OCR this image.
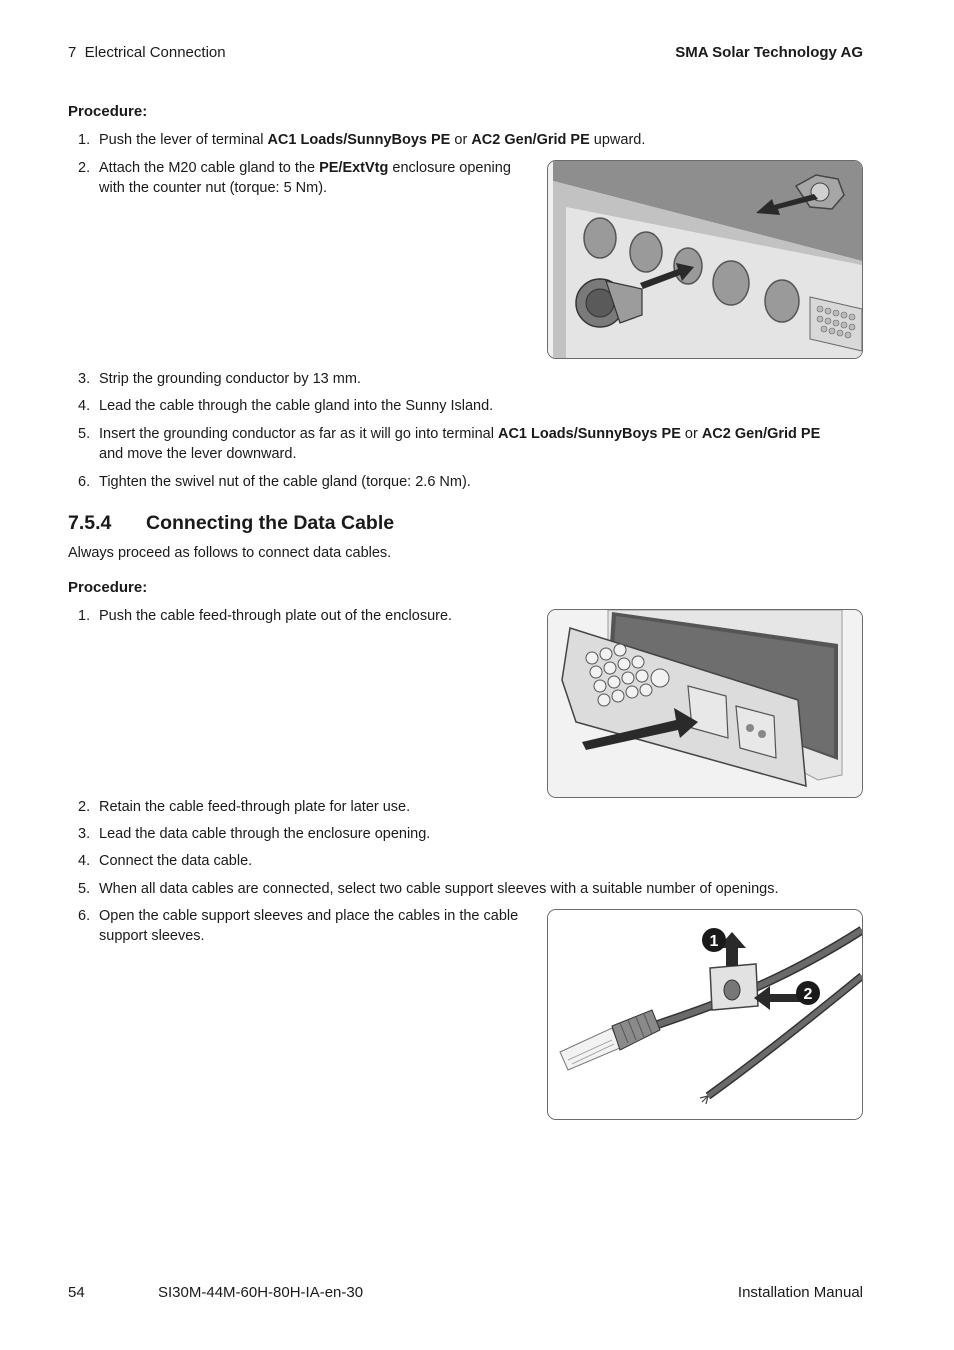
7  Electrical Connection	SMA Solar Technology AG
Procedure:
1. Push the lever of terminal AC1 Loads/SunnyBoys PE or AC2 Gen/Grid PE upward.
2. Attach the M20 cable gland to the PE/ExtVtg enclosure opening
with the counter nut (torque: 5 Nm).
3. Strip the grounding conductor by 13 mm.
4. Lead the cable through the cable gland into the Sunny Island.
5. Insert the grounding conductor as far as it will go into terminal AC1 Loads/SunnyBoys PE or AC2 Gen/Grid PE
and move the lever downward.
6. Tighten the swivel nut of the cable gland (torque: 2.6 Nm).
7.5.4 Connecting the Data Cable
Always proceed as follows to connect data cables.
Procedure:
1. Push the cable feed-through plate out of the enclosure.
2. Retain the cable feed-through plate for later use.
3. Lead the data cable through the enclosure opening.
4. Connect the data cable.
5. When all data cables are connected, select two cable support sleeves with a suitable number of openings.
6. Open the cable support sleeves and place the cables in the cable
support sleeves.	1
2
54	SI30M-44M-60H-80H-IA-en-30	Installation Manual
